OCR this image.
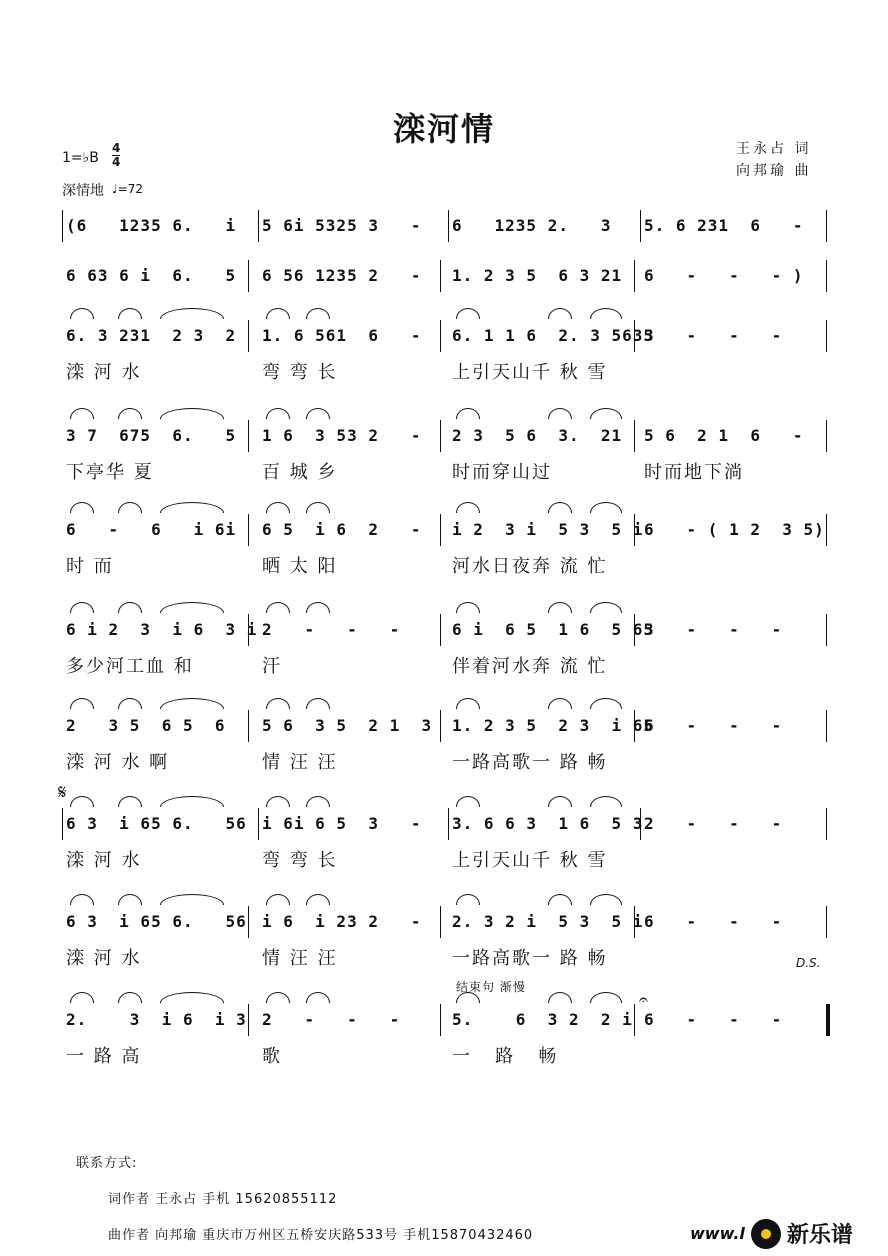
滦河情
1=♭B
4
4
深情地 ♩=72
王永占 词
向邦瑜 曲
(6   1235 6.   i 5 6i 5325 3   - 6   1235 2.   3 5. 6 231  6   -
6 63 6 i  6.   5 6 56 1235 2   - 1. 2 3 5  6 3 21 6   -   -   - )
6. 3 231  2 3  2 1. 6 561  6   - 6. 1 1 6  2. 3 5635
3   -   -   -
滦 河 水	弯 弯 长	上引天山千 秋 雪
3 7  675  6.   5 1 6  3 53 2   - 2 3  5 6  3.  21 5 6  2 1  6   -
下亭华 夏	百 城 乡	时而穿山过	时而地下淌
6   -   6   i 6i 6 5  i 6  2   - i 2  3 i  5 3  5 i 6   - ( 1 2  3 5)
时 而	晒 太 阳	河水日夜奔 流 忙
6 i 2  3  i 6  3 i 2   -   -   -	6 i  6 5  1 6  5 65
3   -   -   -
多少河工血 和	汗	伴着河水奔 流 忙
2   3 5  6 5  6 5 6  3 5  2 1  3 1. 2 3 5  2 3  i 65
6   -   -   -
滦 河 水 啊	情 汪 汪	一路高歌一 路 畅
6 3  i 65 6.   56 i 6i 6 5  3   - 3. 6 6 3  1 6  5 3 2   -   -   -
滦 河 水	弯 弯 长	上引天山千 秋 雪
6 3  i 65 6.   56 i 6  i 23 2   - 2. 3 2 i  5 3  5 i 6   -   -   -
滦 河 水	情 汪 汪	一路高歌一 路 畅
2.    3  i 6  i 3 2   -   -   -	5.    6  3 2  2 i 6   -   -   -
一 路 高	歌	一   路   畅
𝄋
D.S.
结束句 渐慢
𝄐
联系方式:
词作者 王永占 手机 15620855112
曲作者 向邦瑜 重庆市万州区五桥安庆路533号 手机15870432460	www.l 新乐谱
